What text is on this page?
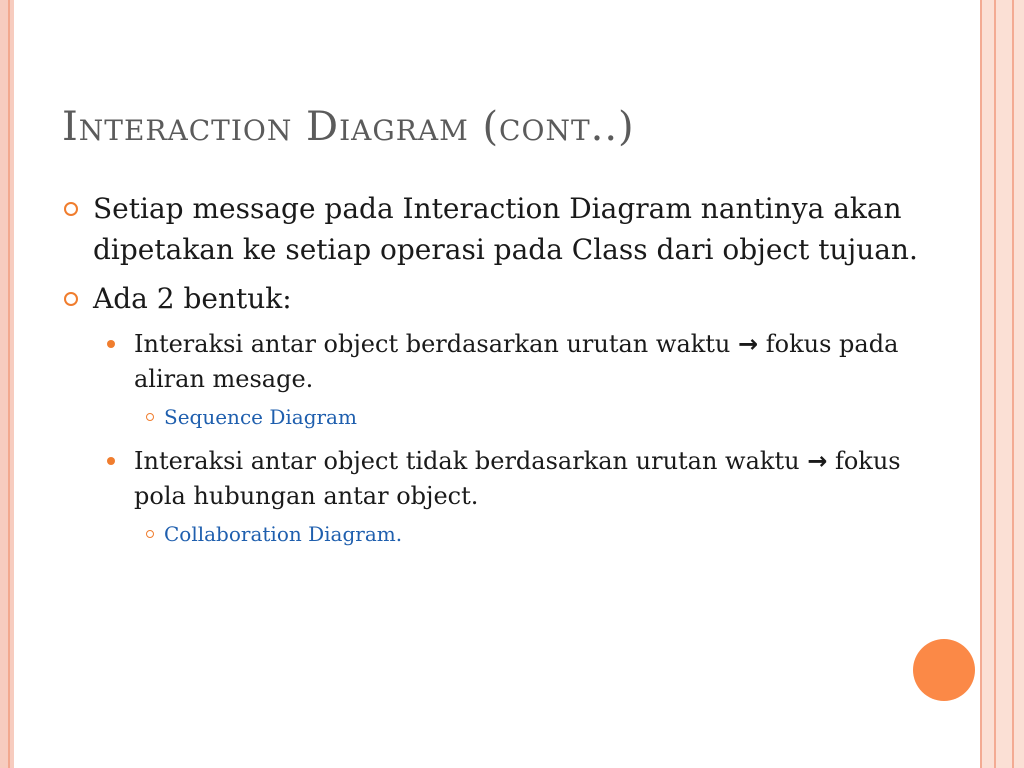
Interaction Diagram (cont..)
Setiap message pada Interaction Diagram nantinya akan dipetakan ke setiap operasi pada Class dari object tujuan.
Ada 2 bentuk:
Interaksi antar object berdasarkan urutan waktu → fokus pada aliran mesage.
Sequence Diagram
Interaksi antar object tidak berdasarkan urutan waktu → fokus pola hubungan antar object.
Collaboration Diagram.
